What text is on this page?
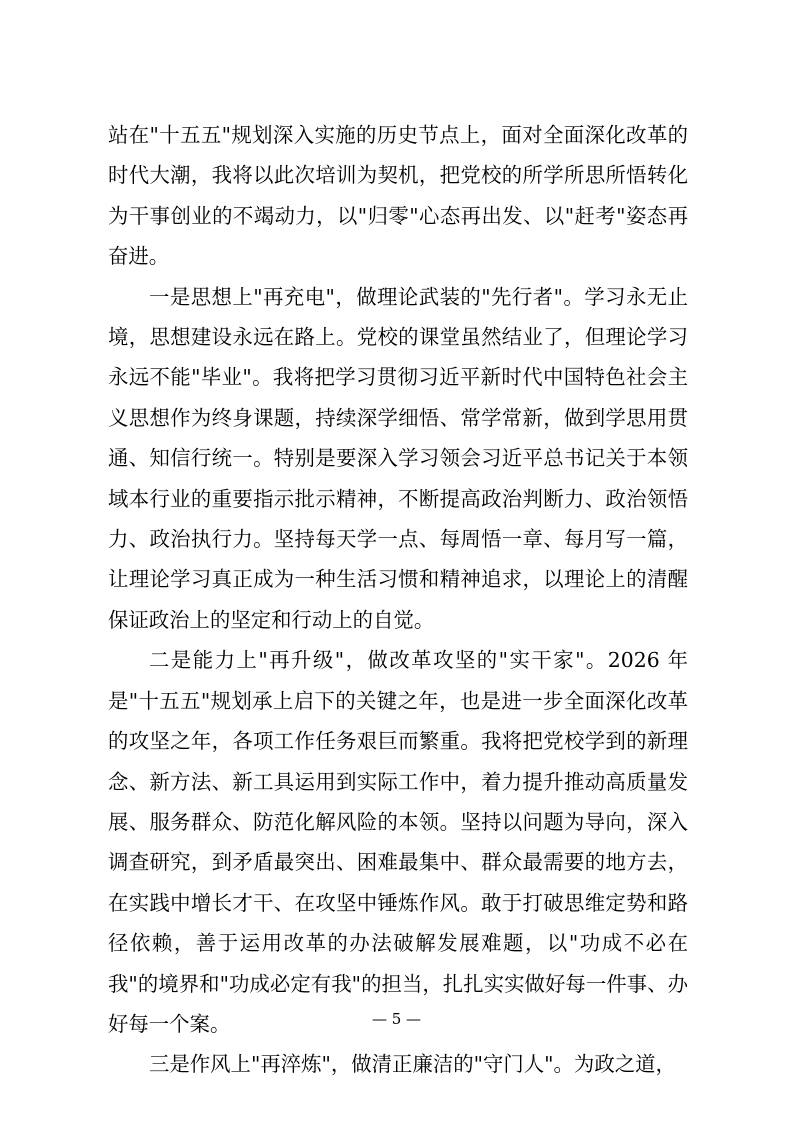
站在"十五五"规划深入实施的历史节点上，面对全面深化改革的时代大潮，我将以此次培训为契机，把党校的所学所思所悟转化为干事创业的不竭动力，以"归零"心态再出发、以"赶考"姿态再奋进。

一是思想上"再充电"，做理论武装的"先行者"。学习永无止境，思想建设永远在路上。党校的课堂虽然结业了，但理论学习永远不能"毕业"。我将把学习贯彻习近平新时代中国特色社会主义思想作为终身课题，持续深学细悟、常学常新，做到学思用贯通、知信行统一。特别是要深入学习领会习近平总书记关于本领域本行业的重要指示批示精神，不断提高政治判断力、政治领悟力、政治执行力。坚持每天学一点、每周悟一章、每月写一篇，让理论学习真正成为一种生活习惯和精神追求，以理论上的清醒保证政治上的坚定和行动上的自觉。

二是能力上"再升级"，做改革攻坚的"实干家"。2026 年是"十五五"规划承上启下的关键之年，也是进一步全面深化改革的攻坚之年，各项工作任务艰巨而繁重。我将把党校学到的新理念、新方法、新工具运用到实际工作中，着力提升推动高质量发展、服务群众、防范化解风险的本领。坚持以问题为导向，深入调查研究，到矛盾最突出、困难最集中、群众最需要的地方去，在实践中增长才干、在攻坚中锤炼作风。敢于打破思维定势和路径依赖，善于运用改革的办法破解发展难题，以"功成不必在我"的境界和"功成必定有我"的担当，扎扎实实做好每一件事、办好每一个案。

三是作风上"再淬炼"，做清正廉洁的"守门人"。为政之道，

— 5 —
